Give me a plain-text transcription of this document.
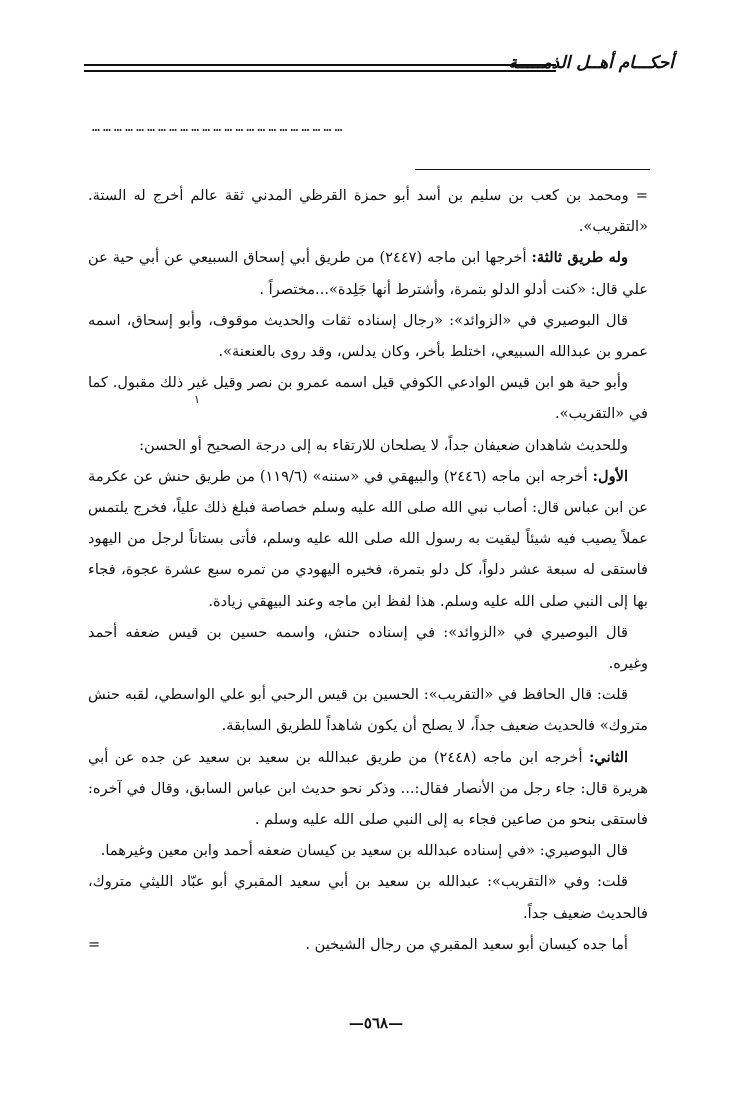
أحكـــام أهــل الذمـــــة
……………………………………………………………

= ومحمد بن كعب بن سليم بن أسد أبو حمزة القرظي المدني ثقة عالم أخرج له الستة. «التقريب».

وله طريق ثالثة: أخرجها ابن ماجه (٢٤٤٧) من طريق أبي إسحاق السبيعي عن أبي حية عن علي قال: «كنت أدلو الدلو بتمرة، وأشترط أنها جَلِدة»...مختصراً .

قال البوصيري في «الزوائد»: «رجال إسناده ثقات والحديث موقوف، وأبو إسحاق، اسمه عمرو بن عبدالله السبيعي، اختلط بأخر، وكان يدلس، وقد روى بالعنعنة».

وأبو حية هو ابن قيس الوادعي الكوفي قيل اسمه عمرو بن نصر وقيل غير ذلك مقبول. كما في «التقريب».

وللحديث شاهدان ضعيفان جداً، لا يصلحان للارتقاء به إلى درجة الصحيح أو الحسن:

الأول: أخرجه ابن ماجه (٢٤٤٦) والبيهقي في «سننه» (١١٩/٦) من طريق حنش عن عكرمة عن ابن عباس قال: أصاب نبي الله صلى الله عليه وسلم خصاصة فبلغ ذلك علياً، فخرج يلتمس عملاً يصيب فيه شيئاً ليقيت به رسول الله صلى الله عليه وسلم، فأتى بستاناً لرجل من اليهود فاستقى له سبعة عشر دلواً، كل دلو بتمرة، فخيره اليهودي من تمره سبع عشرة عجوة، فجاء بها إلى النبي صلى الله عليه وسلم. هذا لفظ ابن ماجه وعند البيهقي زيادة.

قال البوصيري في «الزوائد»: في إسناده حنش، واسمه حسين بن قيس ضعفه أحمد وغيره.

قلت: قال الحافظ في «التقريب»: الحسين بن قيس الرحبي أبو علي الواسطي، لقبه حنش متروك» فالحديث ضعيف جداً، لا يصلح أن يكون شاهداً للطريق السابقة.

الثاني: أخرجه ابن ماجه (٢٤٤٨) من طريق عبدالله بن سعيد بن سعيد عن جده عن أبي هريرة قال: جاء رجل من الأنصار فقال:... وذكر نحو حديث ابن عباس السابق، وقال في آخره: فاستقى بنحو من صاعين فجاء به إلى النبي صلى الله عليه وسلم .

قال البوصيري: «في إسناده عبدالله بن سعيد بن كيسان ضعفه أحمد وابن معين وغيرهما.

قلت: وفي «التقريب»: عبدالله بن سعيد بن أبي سعيد المقبري أبو عبّاد الليثي متروك، فالحديث ضعيف جداً.

أما جده كيسان أبو سعيد المقبري من رجال الشيخين .
=

١
—٥٦٨—
